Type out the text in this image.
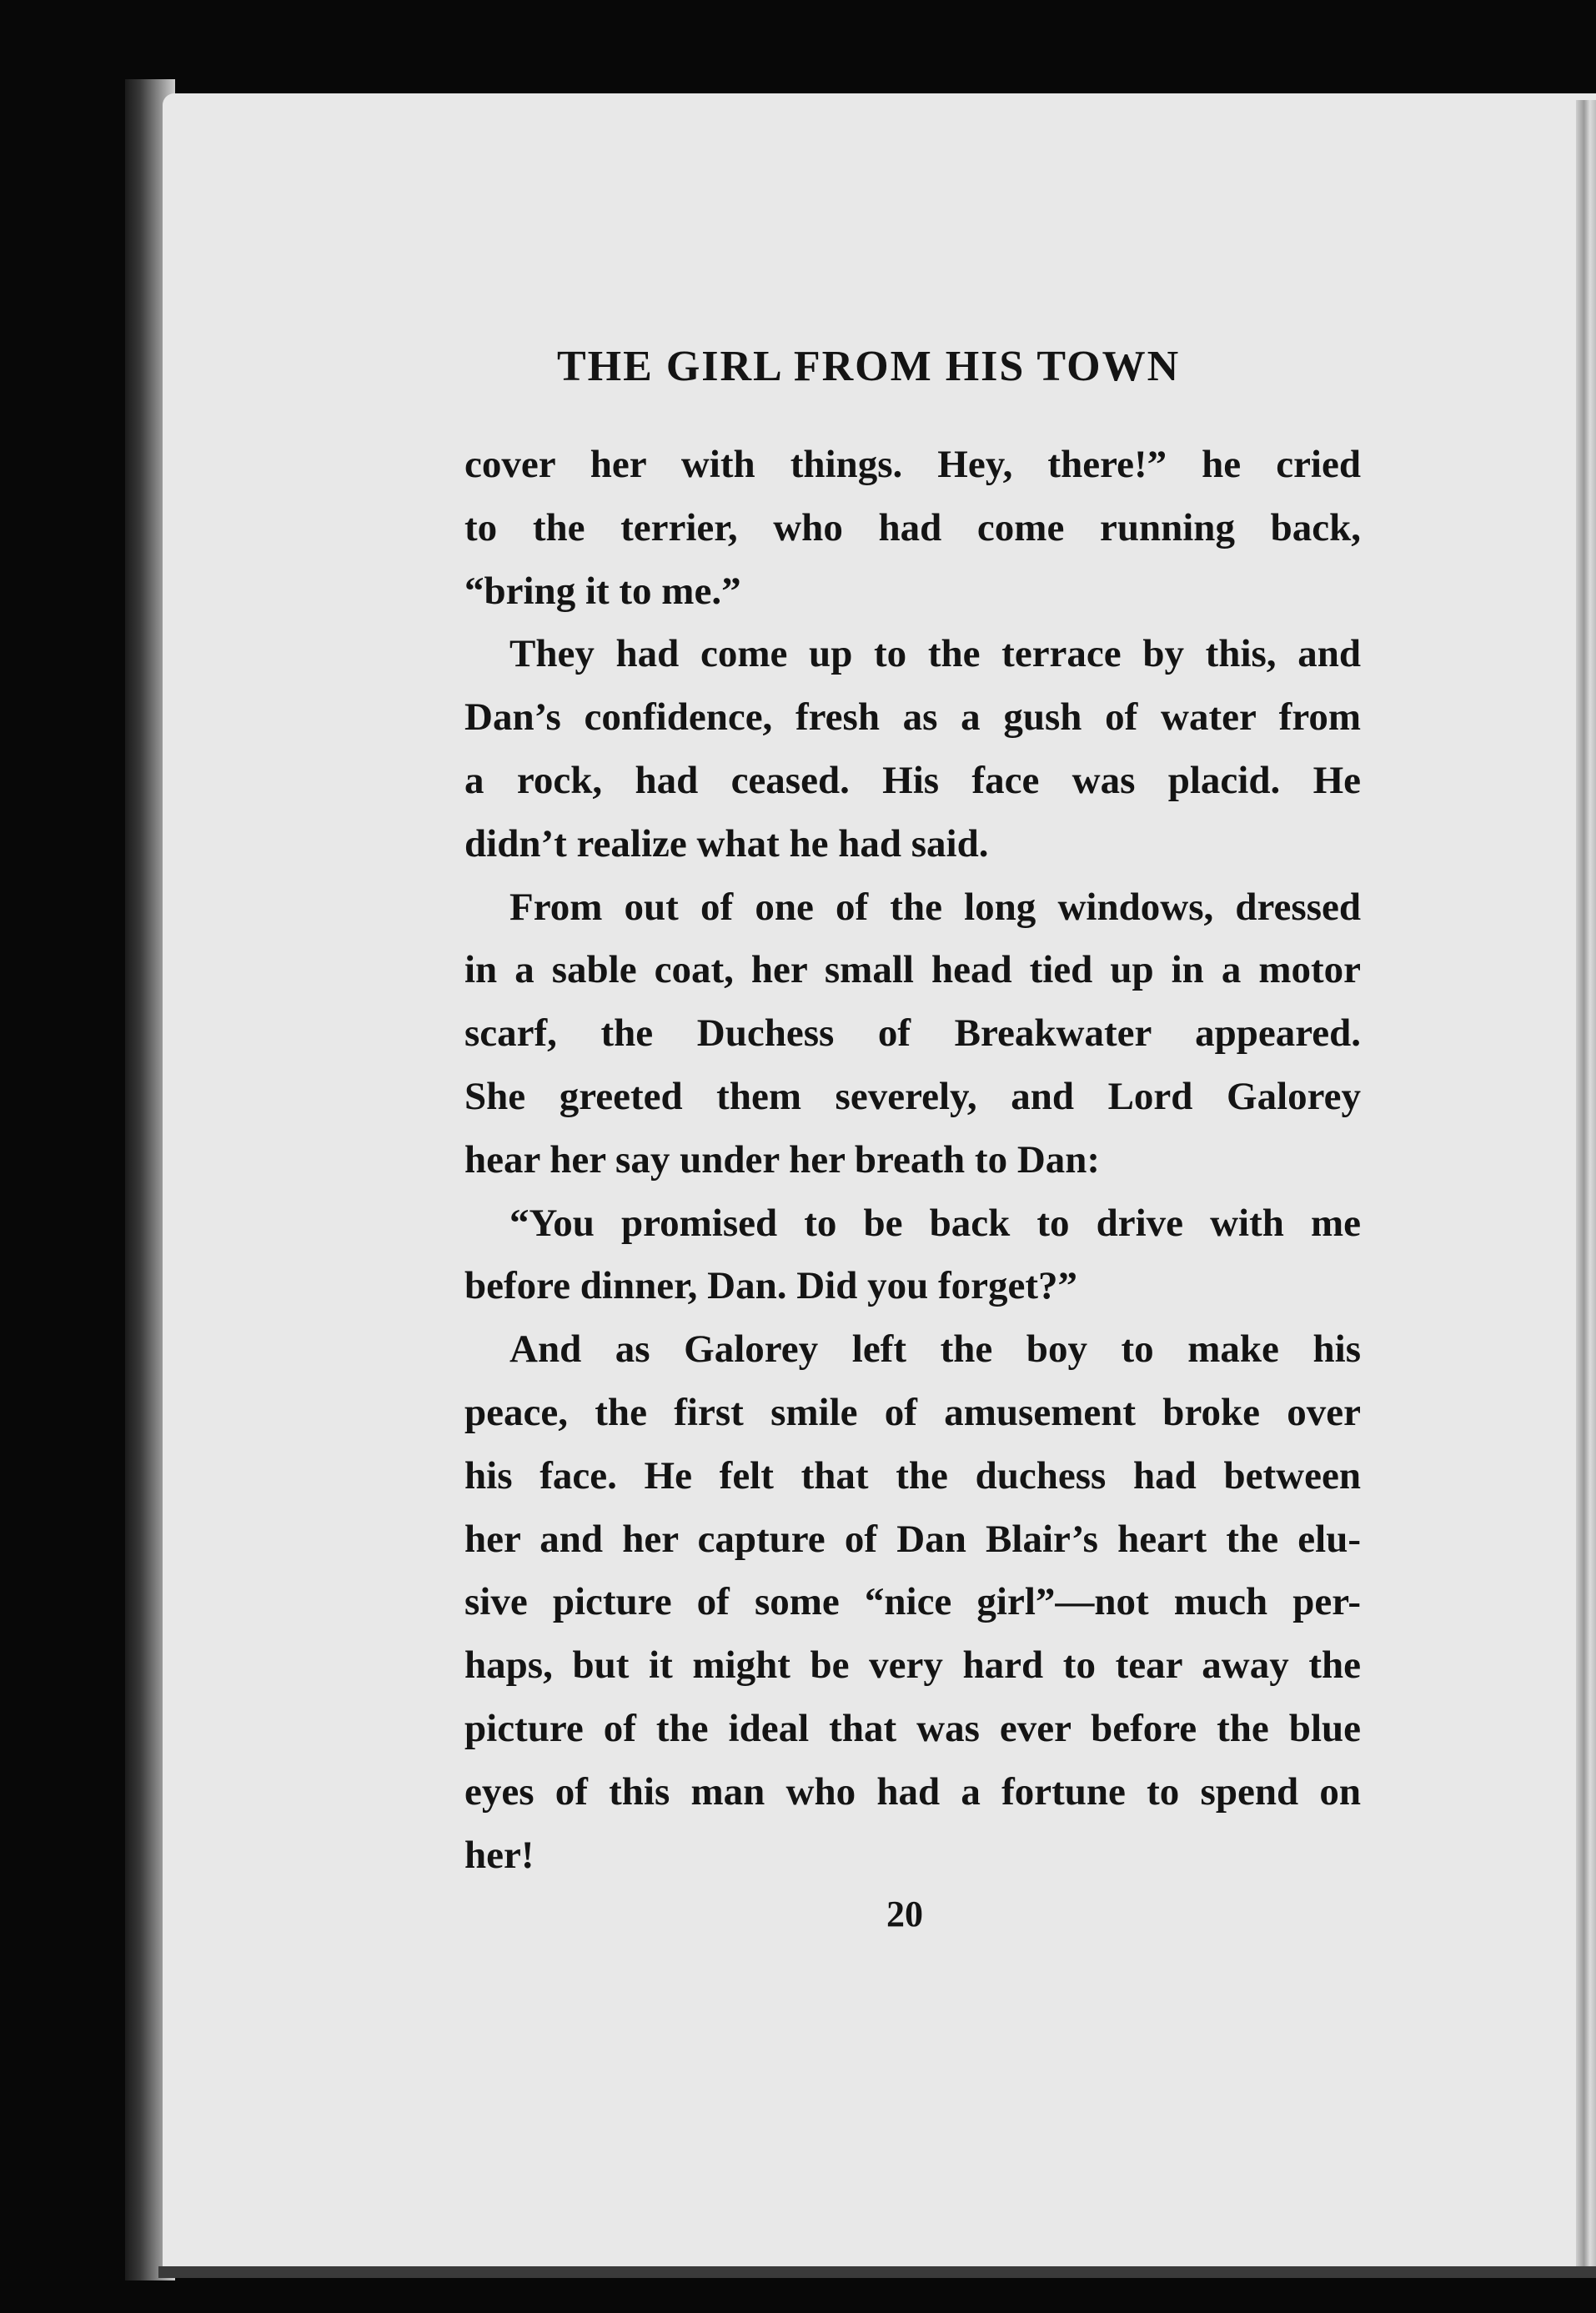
THE GIRL FROM HIS TOWN
cover her with things. Hey, there!” he cried
to the terrier, who had come running back,
“bring it to me.”
They had come up to the terrace by this, and
Dan’s confidence, fresh as a gush of water from
a rock, had ceased. His face was placid. He
didn’t realize what he had said.
From out of one of the long windows, dressed
in a sable coat, her small head tied up in a motor
scarf, the Duchess of Breakwater appeared.
She greeted them severely, and Lord Galorey
hear her say under her breath to Dan:
“You promised to be back to drive with me
before dinner, Dan. Did you forget?”
And as Galorey left the boy to make his
peace, the first smile of amusement broke over
his face. He felt that the duchess had between
her and her capture of Dan Blair’s heart the elu-
sive picture of some “nice girl”—not much per-
haps, but it might be very hard to tear away the
picture of the ideal that was ever before the blue
eyes of this man who had a fortune to spend on
her!
20
